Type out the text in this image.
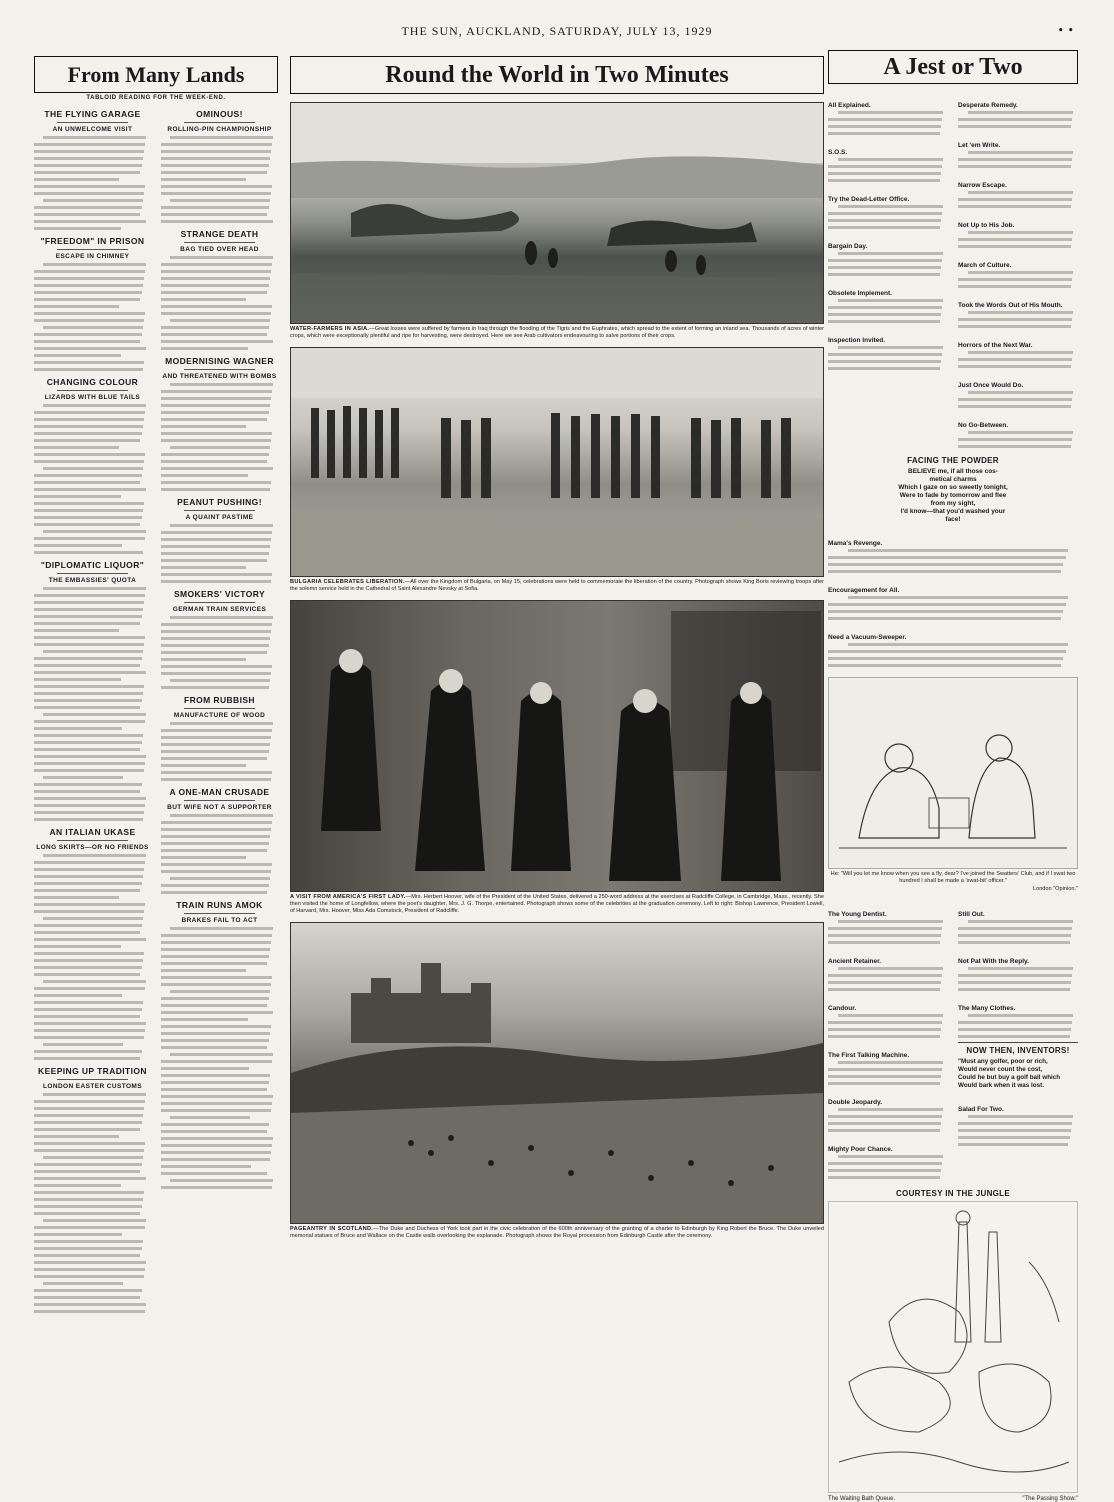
THE SUN, AUCKLAND, SATURDAY, JULY 13, 1929	• •
From Many Lands
TABLOID READING FOR THE WEEK-END.
THE FLYING GARAGE
AN UNWELCOME VISIT
"FREEDOM" IN PRISON
ESCAPE IN CHIMNEY
CHANGING COLOUR
LIZARDS WITH BLUE TAILS
"DIPLOMATIC LIQUOR"
THE EMBASSIES' QUOTA
AN ITALIAN UKASE
LONG SKIRTS—OR NO FRIENDS
KEEPING UP TRADITION
LONDON EASTER CUSTOMS
OMINOUS!
ROLLING-PIN CHAMPIONSHIP
STRANGE DEATH
BAG TIED OVER HEAD
MODERNISING WAGNER
AND THREATENED WITH BOMBS
PEANUT PUSHING!
A QUAINT PASTIME
SMOKERS' VICTORY
GERMAN TRAIN SERVICES
FROM RUBBISH
MANUFACTURE OF WOOD
A ONE-MAN CRUSADE
BUT WIFE NOT A SUPPORTER
TRAIN RUNS AMOK
BRAKES FAIL TO ACT
Round the World in Two Minutes
WATER-FARMERS IN ASIA.—Great losses were suffered by farmers in Iraq through the flooding of the Tigris and the Euphrates, which spread to the extent of forming an inland sea. Thousands of acres of winter crops, which were exceptionally plentiful and ripe for harvesting, were destroyed. Here we see Arab cultivators endeavouring to salve portions of their crops.
BULGARIA CELEBRATES LIBERATION.—All over the Kingdom of Bulgaria, on May 15, celebrations were held to commemorate the liberation of the country. Photograph shows King Boris reviewing troops after the solemn service held in the Cathedral of Saint Alexandre Nevsky at Sofia.
A VISIT FROM AMERICA'S FIRST LADY.—Mrs. Herbert Hoover, wife of the President of the United States, delivered a 250-word address at the exercises at Radcliffe College, in Cambridge, Mass., recently. She then visited the home of Longfellow, where the poet's daughter, Mrs. J. G. Thorpe, entertained. Photograph shows some of the celebrities at the graduation ceremony. Left to right: Bishop Lawrence, President Lowell, of Harvard, Mrs. Hoover, Miss Ada Comstock, President of Radcliffe.
PAGEANTRY IN SCOTLAND.—The Duke and Duchess of York took part in the civic celebration of the 600th anniversary of the granting of a charter to Edinburgh by King Robert the Bruce. The Duke unveiled memorial statues of Bruce and Wallace on the Castle walls overlooking the esplanade. Photograph shows the Royal procession from Edinburgh Castle after the ceremony.
A Jest or Two
All Explained.
S.O.S.
Try the Dead-Letter Office.
Bargain Day.
Obsolete Implement.
Inspection Invited.
Desperate Remedy.
Let 'em Write.
Narrow Escape.
Not Up to His Job.
March of Culture.
Took the Words Out of His Mouth.
Horrors of the Next War.
Just Once Would Do.
No Go-Between.
FACING THE POWDER
BELIEVE me, if all those cos-
metical charms
Which I gaze on so sweetly tonight,
Were to fade by tomorrow and flee
from my sight,
I'd know—that you'd washed your
face!
Mama's Revenge.
Encouragement for All.
Need a Vacuum-Sweeper.
He: "Will you let me know when you see a fly, dear? I've joined the Swatters' Club, and if I swat two hundred I shall be made a 'swat-bit' officer."
London "Opinion."
The Young Dentist.
Ancient Retainer.
Candour.
The First Talking Machine.
Double Jeopardy.
Mighty Poor Chance.
Still Out.
Not Pat With the Reply.
The Many Clothes.
NOW THEN, INVENTORS!
"Must any golfer, poor or rich,
Would never count the cost,
Could he but buy a golf ball which
Would bark when it was lost.
Salad For Two.
COURTESY IN THE JUNGLE
The Waiting Bath Queue.	"The Passing Show."
